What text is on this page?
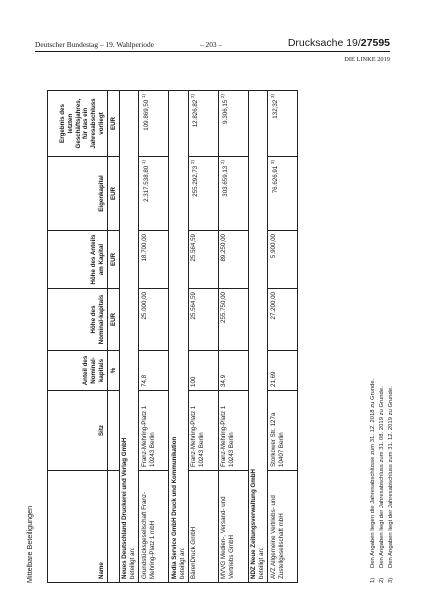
Deutscher Bundestag – 19. Wahlperiode	– 203 –	Drucksache 19/27595
DIE LINKE 2019
Mittelbare Beteiligungen	Name	Sitz	Anteil des Nominal-kapitals	Höhe des Nominal-kapitals	Höhe des Anteils am Kapital	Eigenkapital	Ergebnis des letzten Geschäftsjahres, für das ein Jahresabschluss vorliegt
		%	EUR	EUR	EUR	EUR
Neues Deutschland Druckerei und Verlag GmbH beteiligt an:						

Grundstücksgesellschaft Franz-Mehring-Platz 1 mbH	Franz-Mehring-Platz 1 10243 Berlin	74,8	25.000,00	18.700,00	2.317.538,80 $^{1)}$	109.869,50 $^{1)}$
Media Service GmbH Druck und Kommunikation beteiligt an:						

BärenDruck GmbH	Franz-Mehring-Platz 1 10243 Berlin	100	25.564,59	25.564,59	255.292,73 $^{2)}$	12.826,82 $^{2)}$
MVVG Medien-, Versand- und Vertriebs GmbH	Franz-Mehring-Platz 1 10243 Berlin	34,9	255.750,00	89.250,00	303.659,13 $^{2)}$	9.306,15 $^{2)}$
NDZ Neue Zeitungsverwaltung GmbH beteiligt an:						

AVZ Allgemeine Vertriebs- und Zustellgesellschaft mbH	Storkower Str. 127a 10407 Berlin	21,69	27.200,00	5.900,00	76.626,91 $^{3)}$	132,32 $^{3)}$
1)
Den Angaben liegen die Jahresabschlüsse zum 31. 12. 2018 zu Grunde.
2)
Den Angaben liegt der Jahresabschluss zum 31. 08. 2019 zu Grunde.
3)
Den Angaben liegt der Jahresabschluss zum 31. 12. 2019 zu Grunde.
